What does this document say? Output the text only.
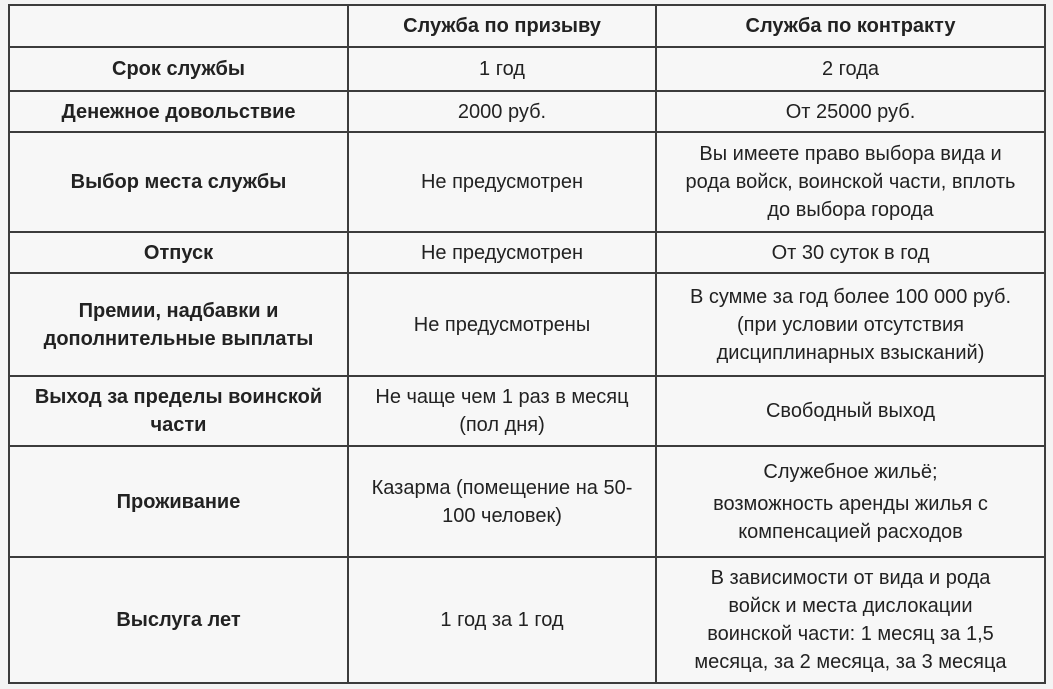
	Служба по призыву	Служба по контракту

Срок службы	1 год	2 года

Денежное довольствие	2000 руб.	От 25000 руб.

Выбор места службы	Не предусмотрен	Вы имеете право выбора вида и
рода войск, воинской части, вплоть
до выбора города

Отпуск	Не предусмотрен	От 30 суток в год

Премии, надбавки и
дополнительные выплаты	Не предусмотрены	В сумме за год более 100 000 руб.
(при условии отсутствия
дисциплинарных взысканий)

Выход за пределы воинской
части	Не чаще чем 1 раз в месяц
(пол дня)	Свободный выход

Проживание	Казарма (помещение на 50-
100 человек)	Служебное жильё;
возможность аренды жилья с
компенсацией расходов

Выслуга лет	1 год за 1 год	В зависимости от вида и рода
войск и места дислокации
воинской части: 1 месяц за 1,5
месяца, за 2 месяца, за 3 месяца
